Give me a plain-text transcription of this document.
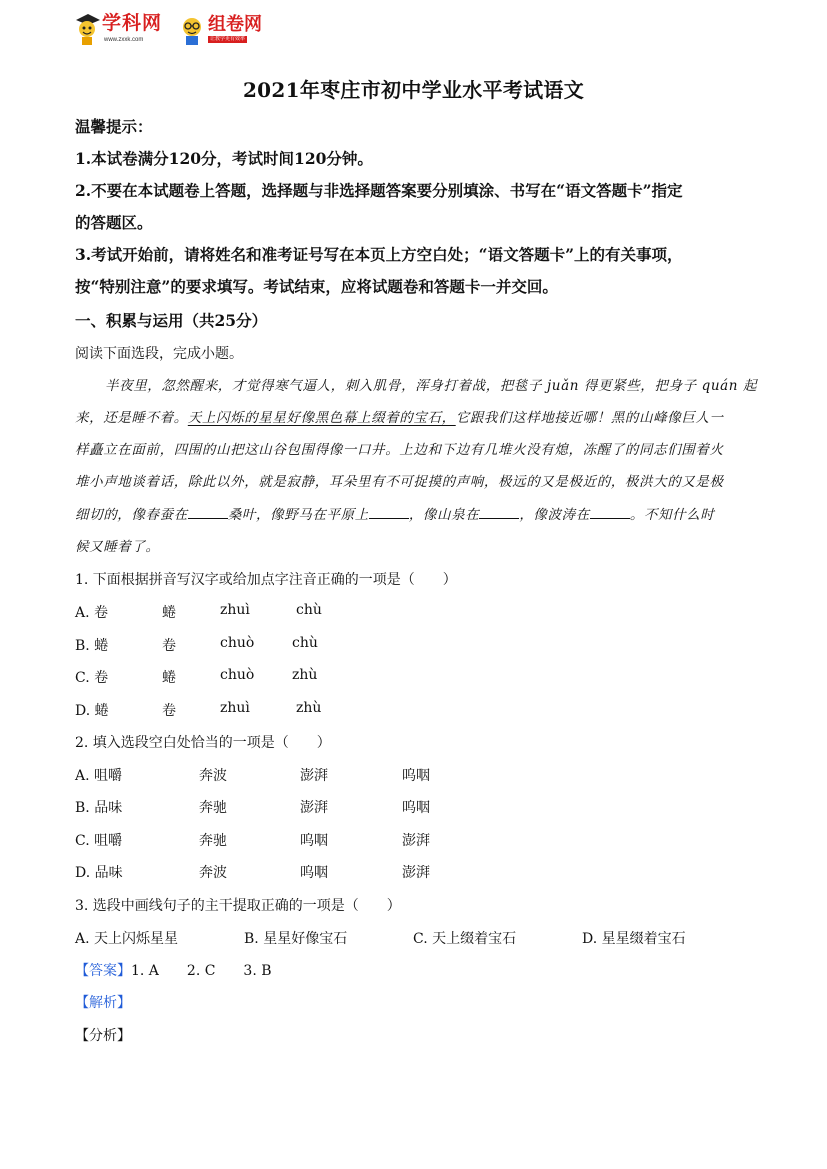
学科网
www.zxxk.com
组卷网
让教学更有效率
2021年枣庄市初中学业水平考试语文
温馨提示：
1.本试卷满分120分，考试时间120分钟。
2.不要在本试题卷上答题，选择题与非选择题答案要分别填涂、书写在“语文答题卡”指定
的答题区。
3.考试开始前，请将姓名和准考证号写在本页上方空白处；“语文答题卡”上的有关事项，
按“特别注意”的要求填写。考试结束，应将试题卷和答题卡一并交回。
一、积累与运用（共25分）
阅读下面选段，完成小题。
半夜里，忽然醒来，才觉得寒气逼人，刺入肌骨，浑身打着战，把毯子 juǎn 得更紧些，把身子 quán 起
来，还是睡不着。天上闪烁的星星好像黑色幕上缀着的宝石，它跟我们这样地接近哪！黑的山峰像巨人一
样矗立在面前，四围的山把这山谷包围得像一口井。上边和下边有几堆火没有熄，冻醒了的同志们围着火
堆小声地谈着话，除此以外，就是寂静，耳朵里有不可捉摸的声响，极远的又是极近的，极洪大的又是极
细切的，像春蚕在	桑叶，像野马在平原上	，像山泉在	，像波涛在	。不知什么时
候又睡着了。
1. 下面根据拼音写汉字或给加点字注音正确的一项是（　　）
A. 卷	蜷	zhuì	chù
B. 蜷	卷	chuò	chù
C. 卷	蜷	chuò	zhù
D. 蜷	卷	zhuì	zhù
2. 填入选段空白处恰当的一项是（　　）
A. 咀嚼	奔波	澎湃	呜咽
B. 品味	奔驰	澎湃	呜咽
C. 咀嚼	奔驰	呜咽	澎湃
D. 品味	奔波	呜咽	澎湃
3. 选段中画线句子的主干提取正确的一项是（　　）
A. 天上闪烁星星	B. 星星好像宝石	C. 天上缀着宝石	D. 星星缀着宝石
【答案】1. A　　2. C　　3. B
【解析】
【分析】
